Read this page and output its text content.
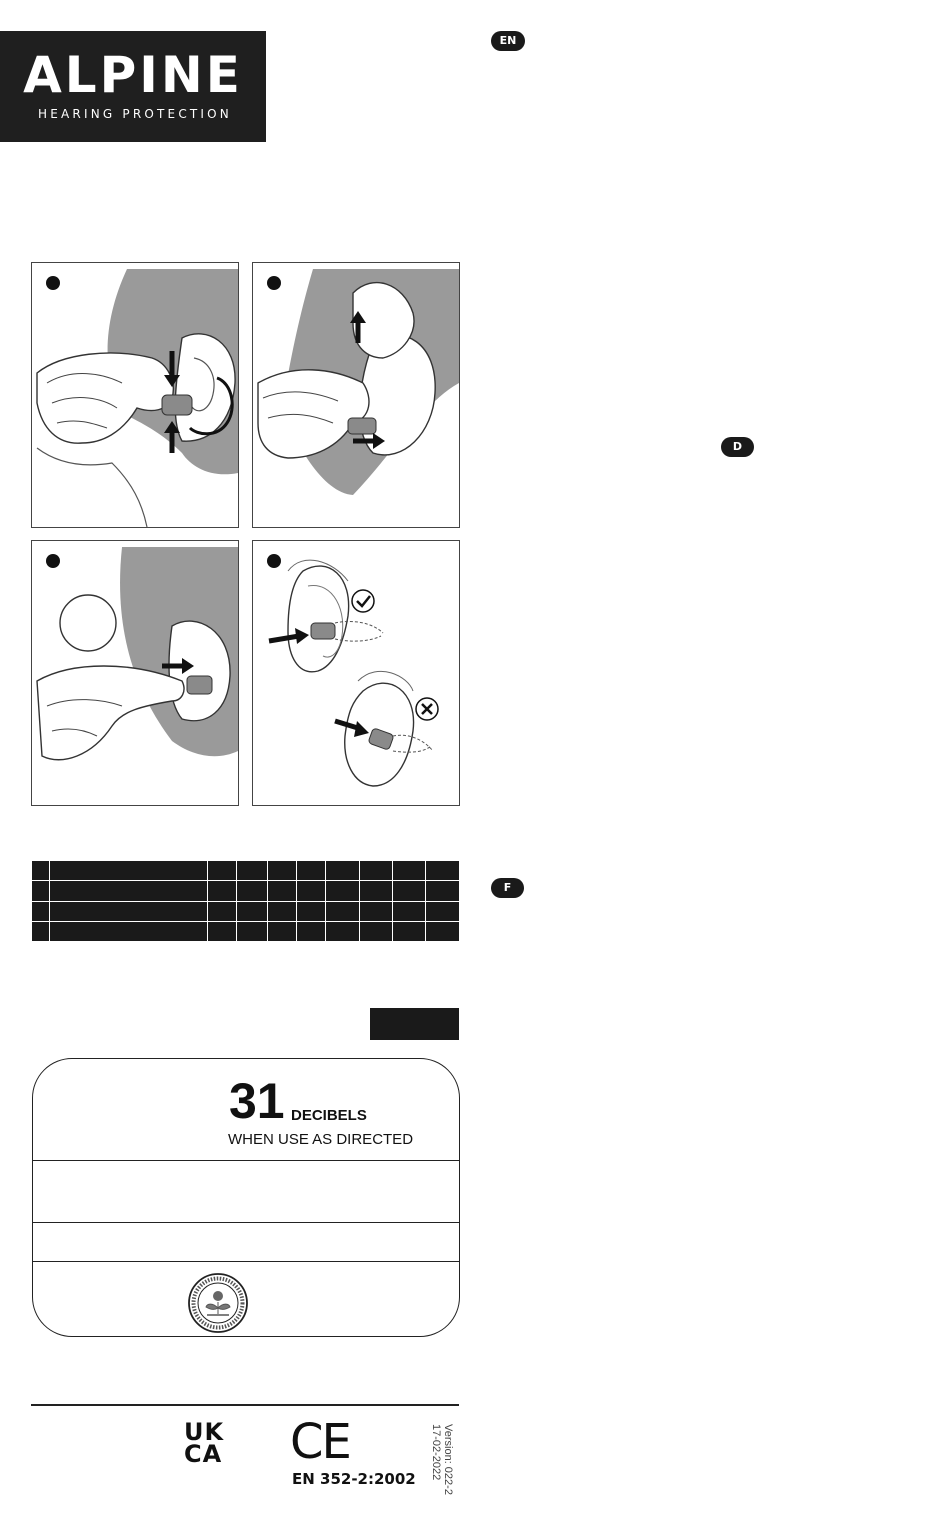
ALPINE
HEARING PROTECTION
EN
D
F

31 DECIBELS
WHEN USE AS DIRECTED
UK
CA CE
EN 352-2:2002 Version: 022-2
17-02-2022
